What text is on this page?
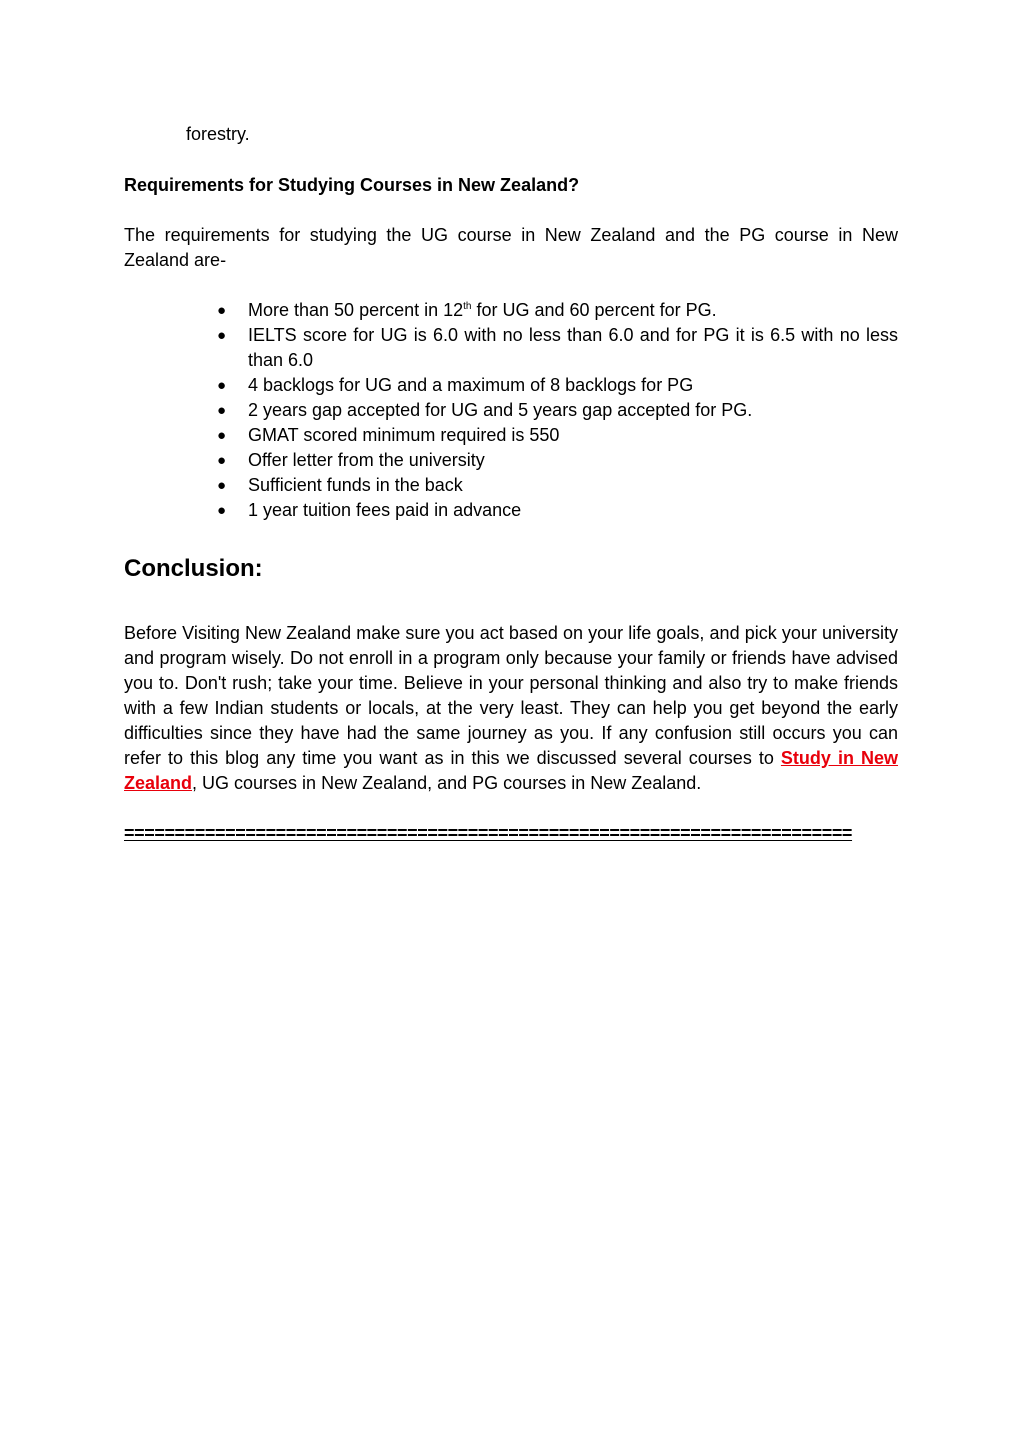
forestry.

Requirements for Studying Courses in New Zealand?

The requirements for studying the UG course in New Zealand and the PG course in New Zealand are-

● More than 50 percent in 12th for UG and 60 percent for PG.
● IELTS score for UG is 6.0 with no less than 6.0 and for PG it is 6.5 with no less than 6.0
● 4 backlogs for UG and a maximum of 8 backlogs for PG
● 2 years gap accepted for UG and 5 years gap accepted for PG.
● GMAT scored minimum required is 550
● Offer letter from the university
● Sufficient funds in the back
● 1 year tuition fees paid in advance
Conclusion:

Before Visiting New Zealand make sure you act based on your life goals, and pick your university and program wisely. Do not enroll in a program only because your family or friends have advised you to. Don't rush; take your time. Believe in your personal thinking and also try to make friends with a few Indian students or locals, at the very least. They can help you get beyond the early difficulties since they have had the same journey as you. If any confusion still occurs you can refer to this blog any time you want as in this we discussed several courses to Study in New Zealand, UG courses in New Zealand, and PG courses in New Zealand.

========================================================================
